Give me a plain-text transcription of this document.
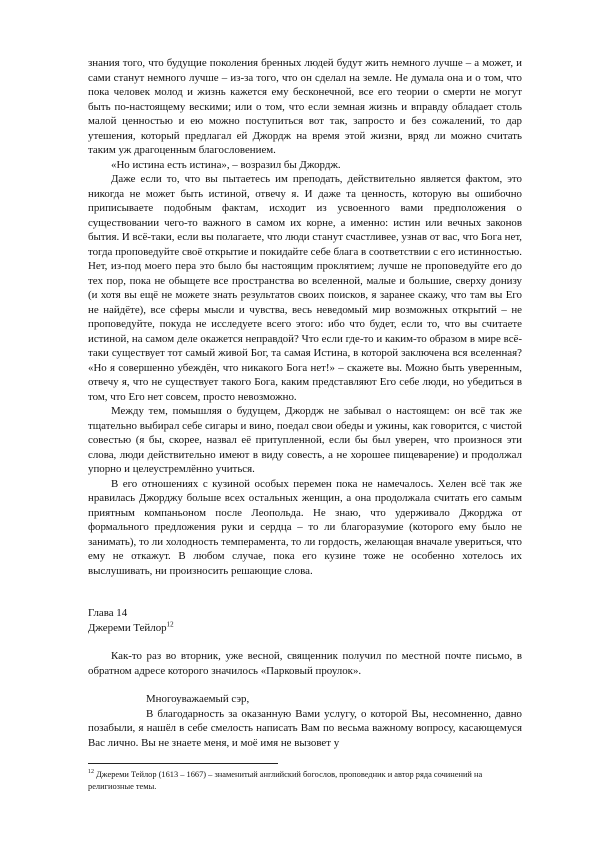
знания того, что будущие поколения бренных людей будут жить немного лучше – а может, и сами станут немного лучше – из-за того, что он сделал на земле. Не думала она и о том, что пока человек молод и жизнь кажется ему бесконечной, все его теории о смерти не могут быть по-настоящему вескими; или о том, что если земная жизнь и вправду обладает столь малой ценностью и ею можно поступиться вот так, запросто и без сожалений, то дар утешения, который предлагал ей Джордж на время этой жизни, вряд ли можно считать таким уж драгоценным благословением.

«Но истина есть истина», – возразил бы Джордж.

Даже если то, что вы пытаетесь им преподать, действительно является фактом, это никогда не может быть истиной, отвечу я. И даже та ценность, которую вы ошибочно приписываете подобным фактам, исходит из усвоенного вами предположения о существовании чего-то важного в самом их корне, а именно: истин или вечных законов бытия. И всё-таки, если вы полагаете, что люди станут счастливее, узнав от вас, что Бога нет, тогда проповедуйте своё открытие и покидайте себе блага в соответствии с его истинностью. Нет, из-под моего пера это было бы настоящим проклятием; лучше не проповедуйте его до тех пор, пока не обыщете все пространства во вселенной, малые и большие, сверху донизу (и хотя вы ещё не можете знать результатов своих поисков, я заранее скажу, что там вы Его не найдёте), все сферы мысли и чувства, весь неведомый мир возможных открытий – не проповедуйте, покуда не исследуете всего этого: ибо что будет, если то, что вы считаете истиной, на самом деле окажется неправдой? Что если где-то и каким-то образом в мире всё-таки существует тот самый живой Бог, та самая Истина, в которой заключена вся вселенная? «Но я совершенно убеждён, что никакого Бога нет!» – скажете вы. Можно быть уверенным, отвечу я, что не существует такого Бога, каким представляют Его себе люди, но убедиться в том, что Его нет совсем, просто невозможно.

Между тем, помышляя о будущем, Джордж не забывал о настоящем: он всё так же тщательно выбирал себе сигары и вино, поедал свои обеды и ужины, как говорится, с чистой совестью (я бы, скорее, назвал её притупленной, если бы был уверен, что произнося эти слова, люди действительно имеют в виду совесть, а не хорошее пищеварение) и продолжал упорно и целеустремлённо учиться.

В его отношениях с кузиной особых перемен пока не намечалось. Хелен всё так же нравилась Джорджу больше всех остальных женщин, а она продолжала считать его самым приятным компаньоном после Леопольда. Не знаю, что удерживало Джорджа от формального предложения руки и сердца – то ли благоразумие (которого ему было не занимать), то ли холодность темперамента, то ли гордость, желающая вначале увериться, что ему не откажут. В любом случае, пока его кузине тоже не особенно хотелось их выслушивать, ни произносить решающие слова.

Глава 14

Джереми Тейлор$^{12}$

Как-то раз во вторник, уже весной, священник получил по местной почте письмо, в обратном адресе которого значилось «Парковый проулок».

Многоуважаемый сэр,

В благодарность за оказанную Вами услугу, о которой Вы, несомненно, давно позабыли, я нашёл в себе смелость написать Вам по весьма важному вопросу, касающемуся Вас лично. Вы не знаете меня, и моё имя не вызовет у

$^{12}$ Джереми Тейлор (1613 – 1667) – знаменитый английский богослов, проповедник и автор ряда сочинений на религиозные темы.
